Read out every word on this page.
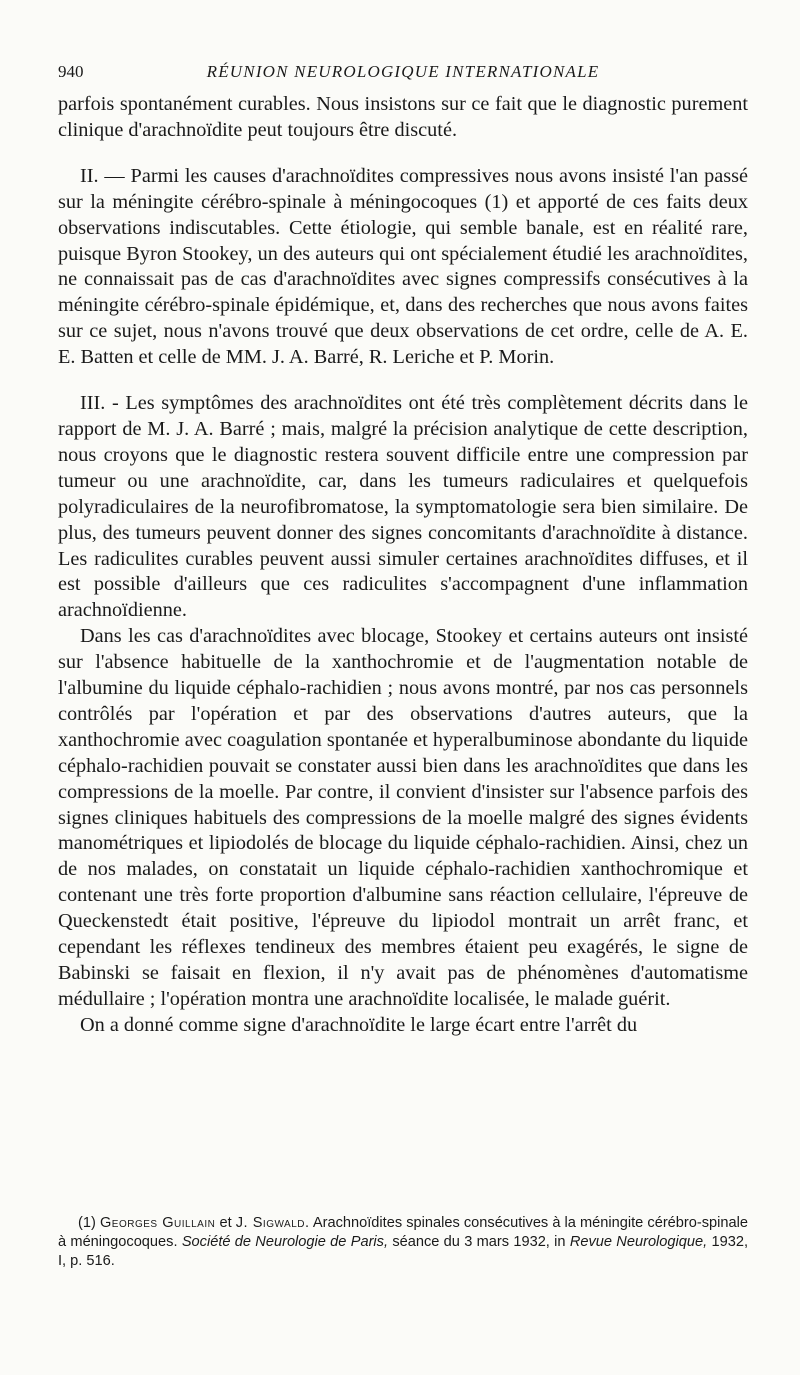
940	RÉUNION NEUROLOGIQUE INTERNATIONALE

parfois spontanément curables. Nous insistons sur ce fait que le diagnostic purement clinique d'arachnoïdite peut toujours être discuté.

II. — Parmi les causes d'arachnoïdites compressives nous avons insisté l'an passé sur la méningite cérébro-spinale à méningocoques (1) et apporté de ces faits deux observations indiscutables. Cette étiologie, qui semble banale, est en réalité rare, puisque Byron Stookey, un des auteurs qui ont spécialement étudié les arachnoïdites, ne connaissait pas de cas d'arachnoïdites avec signes compressifs consécutives à la méningite cérébro-spinale épidémique, et, dans des recherches que nous avons faites sur ce sujet, nous n'avons trouvé que deux observations de cet ordre, celle de A. E. E. Batten et celle de MM. J. A. Barré, R. Leriche et P. Morin.

III. - Les symptômes des arachnoïdites ont été très complètement décrits dans le rapport de M. J. A. Barré ; mais, malgré la précision analytique de cette description, nous croyons que le diagnostic restera souvent difficile entre une compression par tumeur ou une arachnoïdite, car, dans les tumeurs radiculaires et quelquefois polyradiculaires de la neurofibromatose, la symptomatologie sera bien similaire. De plus, des tumeurs peuvent donner des signes concomitants d'arachnoïdite à distance. Les radiculites curables peuvent aussi simuler certaines arachnoïdites diffuses, et il est possible d'ailleurs que ces radiculites s'accompagnent d'une inflammation arachnoïdienne.

Dans les cas d'arachnoïdites avec blocage, Stookey et certains auteurs ont insisté sur l'absence habituelle de la xanthochromie et de l'augmentation notable de l'albumine du liquide céphalo-rachidien ; nous avons montré, par nos cas personnels contrôlés par l'opération et par des observations d'autres auteurs, que la xanthochromie avec coagulation spontanée et hyperalbuminose abondante du liquide céphalo-rachidien pouvait se constater aussi bien dans les arachnoïdites que dans les compressions de la moelle. Par contre, il convient d'insister sur l'absence parfois des signes cliniques habituels des compressions de la moelle malgré des signes évidents manométriques et lipiodolés de blocage du liquide céphalo-rachidien. Ainsi, chez un de nos malades, on constatait un liquide céphalo-rachidien xanthochromique et contenant une très forte proportion d'albumine sans réaction cellulaire, l'épreuve de Queckenstedt était positive, l'épreuve du lipiodol montrait un arrêt franc, et cependant les réflexes tendineux des membres étaient peu exagérés, le signe de Babinski se faisait en flexion, il n'y avait pas de phénomènes d'automatisme médullaire ; l'opération montra une arachnoïdite localisée, le malade guérit.

On a donné comme signe d'arachnoïdite le large écart entre l'arrêt du

(1) Georges Guillain et J. Sigwald. Arachnoïdites spinales consécutives à la méningite cérébro-spinale à méningocoques. Société de Neurologie de Paris, séance du 3 mars 1932, in Revue Neurologique, 1932, I, p. 516.
